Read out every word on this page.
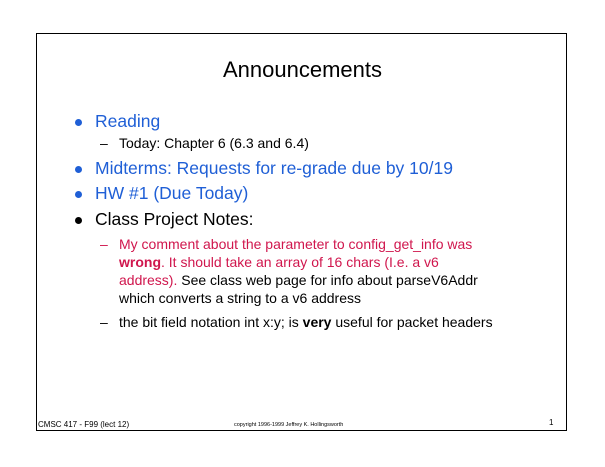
Announcements
Reading
– Today: Chapter 6 (6.3 and 6.4)
Midterms: Requests for re-grade due by 10/19
HW #1 (Due Today)
Class Project Notes:
– My comment about the parameter to config_get_info was
wrong. It should take an array of 16 chars (I.e. a v6
address). See class web page for info about parseV6Addr
which converts a string to a v6 address
– the bit field notation int x:y; is very useful for packet headers
CMSC 417 - F99 (lect 12)	copyright 1996-1999 Jeffrey K. Hollingsworth	1
